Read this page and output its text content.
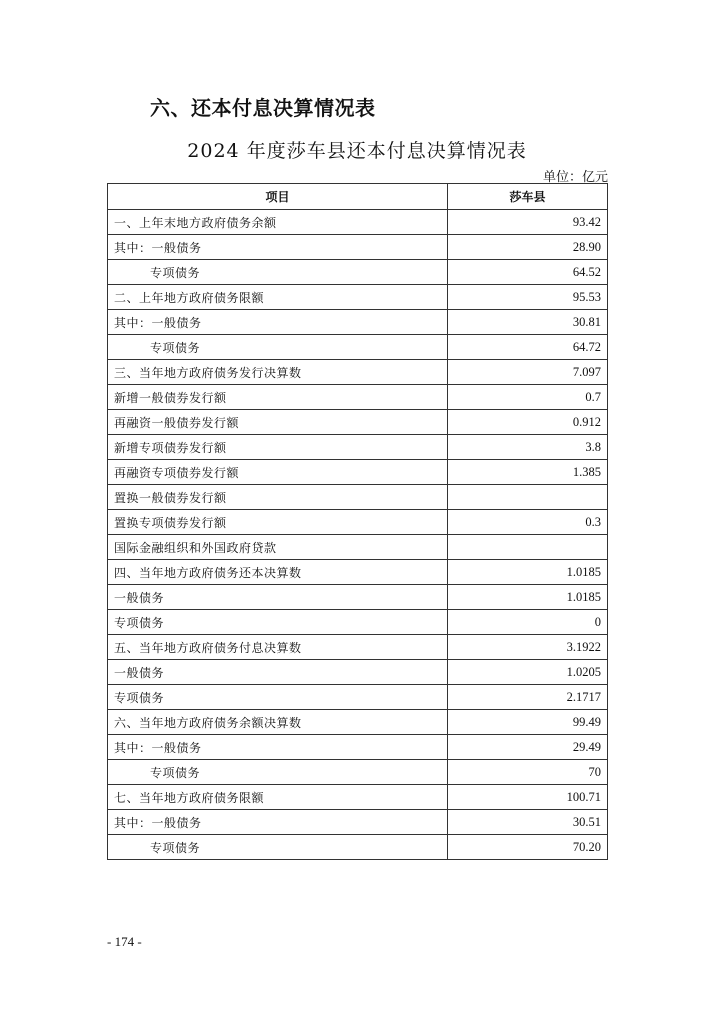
六、还本付息决算情况表
2024 年度莎车县还本付息决算情况表
单位：亿元
项目	莎车县
一、上年末地方政府债务余额	93.42
其中：一般债务	28.90
专项债务	64.52
二、上年地方政府债务限额	95.53
其中：一般债务	30.81
专项债务	64.72
三、当年地方政府债务发行决算数	7.097
新增一般债券发行额	0.7
再融资一般债券发行额	0.912
新增专项债券发行额	3.8
再融资专项债券发行额	1.385
置换一般债券发行额	
置换专项债券发行额	0.3
国际金融组织和外国政府贷款	
四、当年地方政府债务还本决算数	1.0185
一般债务	1.0185
专项债务	0
五、当年地方政府债务付息决算数	3.1922
一般债务	1.0205
专项债务	2.1717
六、当年地方政府债务余额决算数	99.49
其中：一般债务	29.49
专项债务	70
七、当年地方政府债务限额	100.71
其中：一般债务	30.51
专项债务	70.20
- 174 -
